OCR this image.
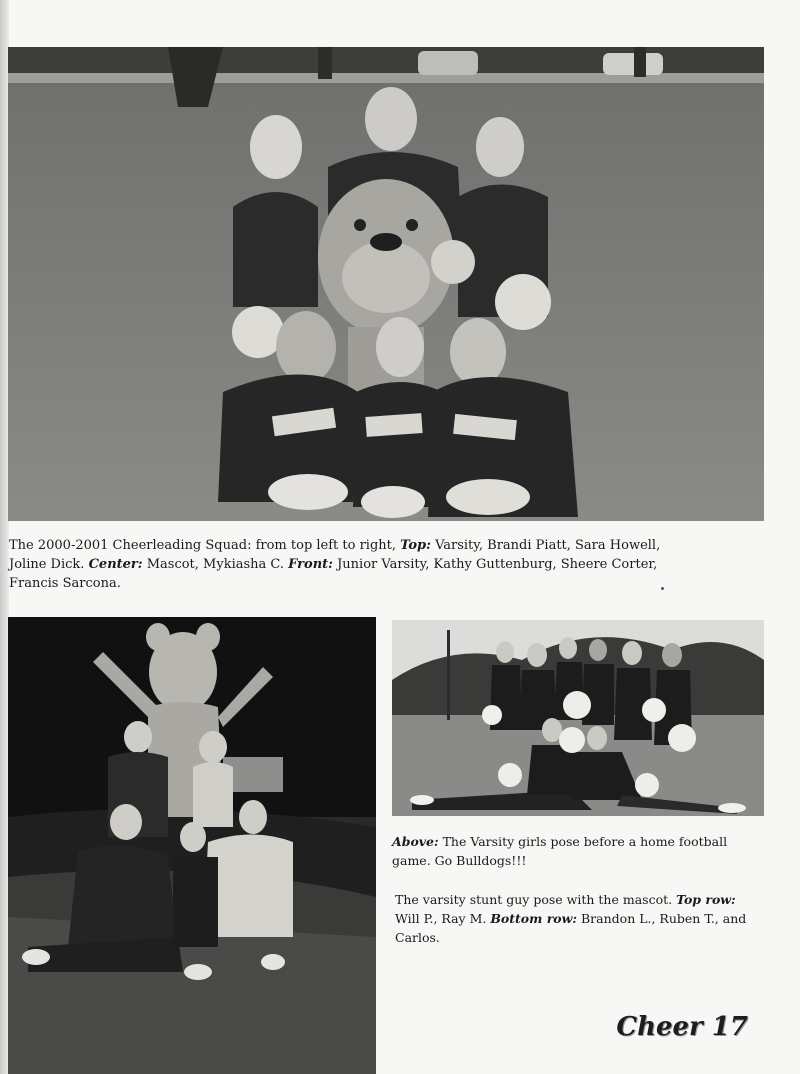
The 2000-2001 Cheerleading Squad: from top left to right, Top: Varsity, Brandi Piatt, Sara Howell, Joline Dick. Center: Mascot, Mykiasha C. Front: Junior Varsity, Kathy Guttenburg, Sheere Corter, Francis Sarcona.

Above: The Varsity girls pose before a home football game. Go Bulldogs!!!

The varsity stunt guy pose with the mascot. Top row: Will P., Ray M. Bottom row: Brandon L., Ruben T., and Carlos.

Cheer 17
